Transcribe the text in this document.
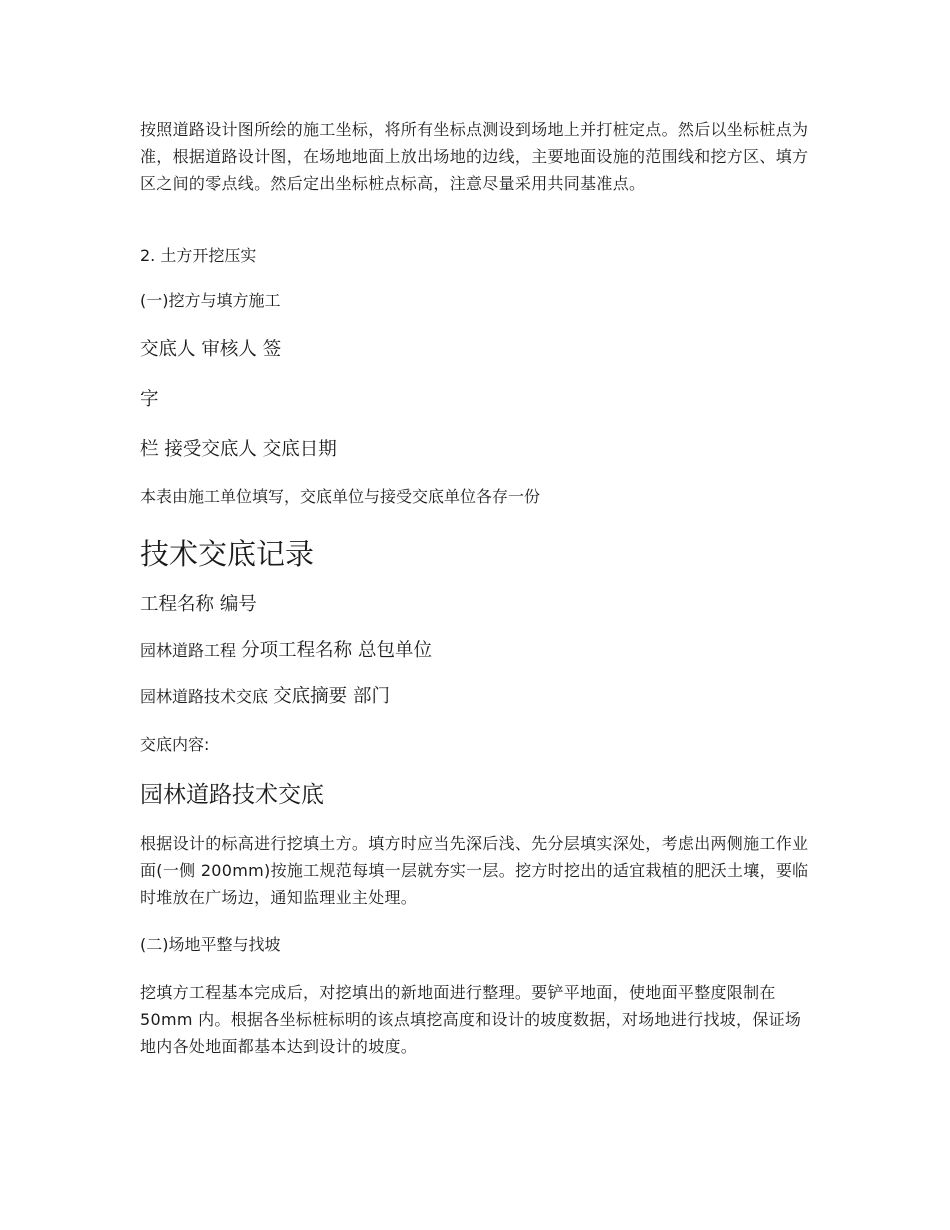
按照道路设计图所绘的施工坐标，将所有坐标点测设到场地上并打桩定点。然后以坐标桩点为准，根据道路设计图，在场地地面上放出场地的边线，主要地面设施的范围线和挖方区、填方区之间的零点线。然后定出坐标桩点标高，注意尽量采用共同基准点。

2. 土方开挖压实

(一)挖方与填方施工

交底人 审核人 签

字

栏 接受交底人 交底日期

本表由施工单位填写，交底单位与接受交底单位各存一份

技术交底记录

工程名称 编号

园林道路工程 分项工程名称 总包单位

园林道路技术交底 交底摘要 部门

交底内容:

园林道路技术交底

根据设计的标高进行挖填土方。填方时应当先深后浅、先分层填实深处，考虑出两侧施工作业面(一侧 200mm)按施工规范每填一层就夯实一层。挖方时挖出的适宜栽植的肥沃土壤，要临时堆放在广场边，通知监理业主处理。

(二)场地平整与找坡

挖填方工程基本完成后，对挖填出的新地面进行整理。要铲平地面，使地面平整度限制在 50mm 内。根据各坐标桩标明的该点填挖高度和设计的坡度数据，对场地进行找坡，保证场地内各处地面都基本达到设计的坡度。
